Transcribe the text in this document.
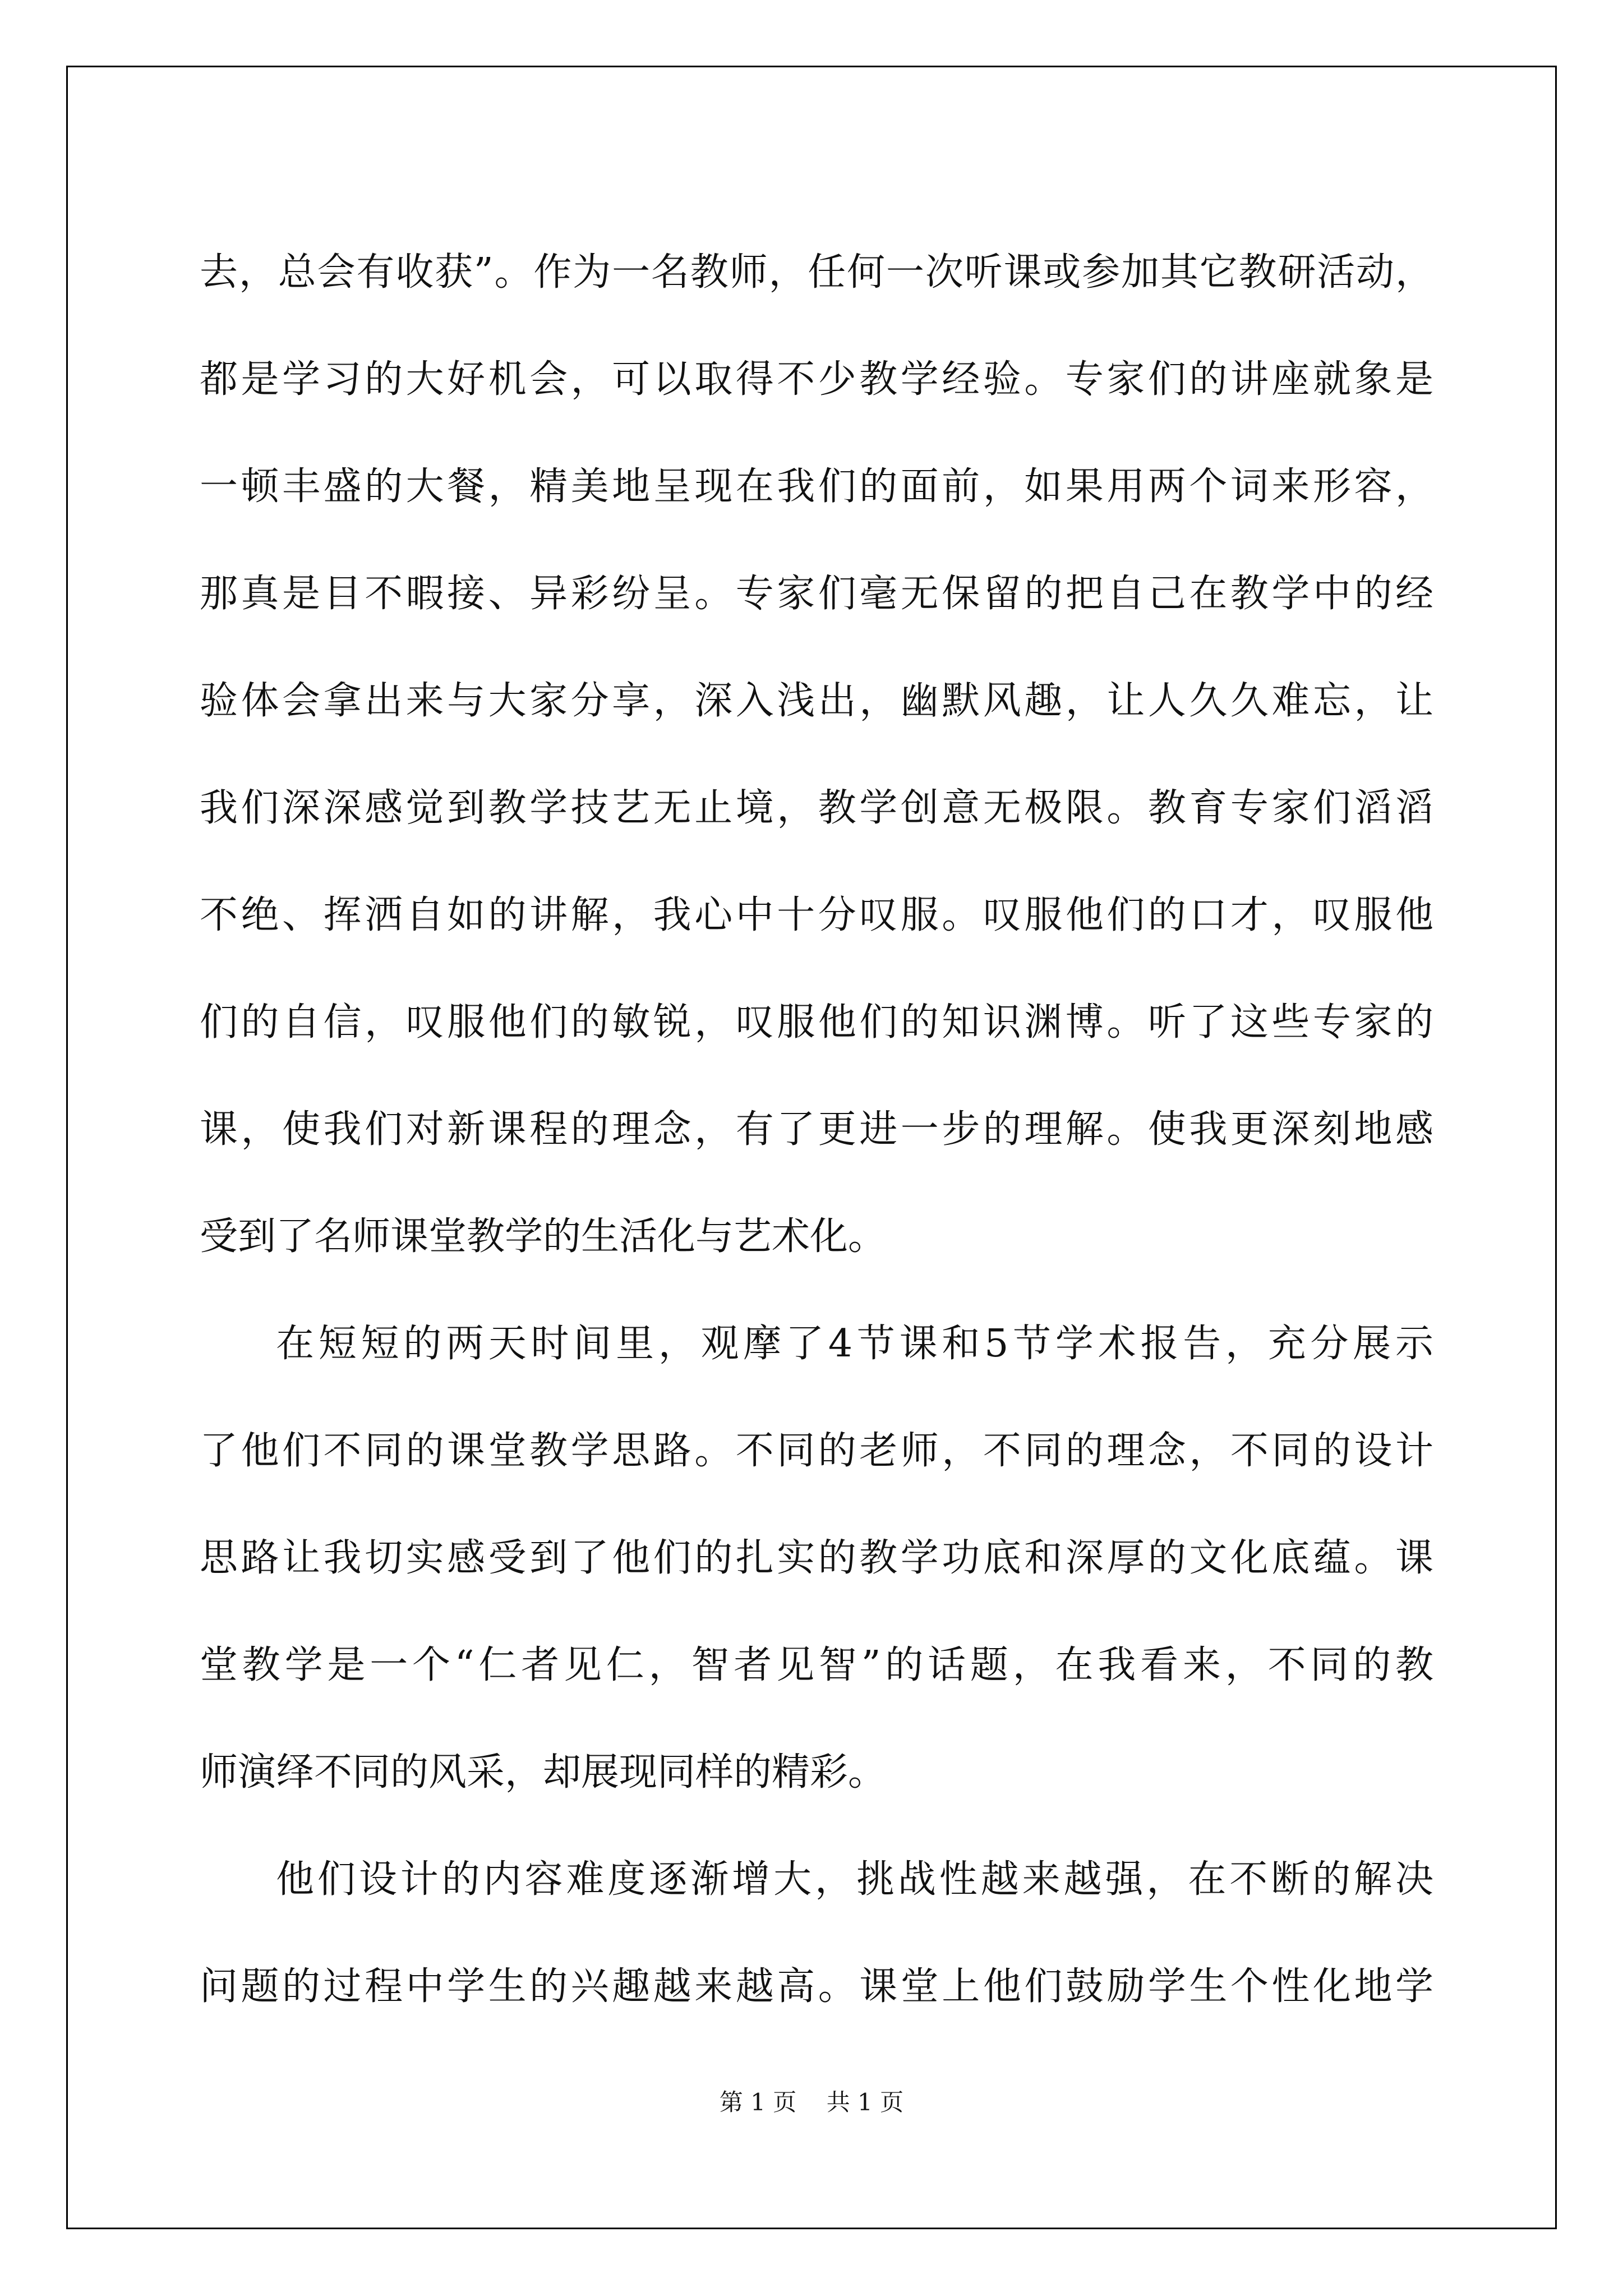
去，总会有收获”。作为一名教师，任何一次听课或参加其它教研活动，
都是学习的大好机会，可以取得不少教学经验。专家们的讲座就象是
一顿丰盛的大餐，精美地呈现在我们的面前，如果用两个词来形容，
那真是目不暇接、异彩纷呈。专家们毫无保留的把自己在教学中的经
验体会拿出来与大家分享，深入浅出，幽默风趣，让人久久难忘，让
我们深深感觉到教学技艺无止境，教学创意无极限。教育专家们滔滔
不绝、挥洒自如的讲解，我心中十分叹服。叹服他们的口才，叹服他
们的自信，叹服他们的敏锐，叹服他们的知识渊博。听了这些专家的
课，使我们对新课程的理念，有了更进一步的理解。使我更深刻地感
受到了名师课堂教学的生活化与艺术化。
在短短的两天时间里，观摩了4节课和5节学术报告，充分展示
了他们不同的课堂教学思路。不同的老师，不同的理念，不同的设计
思路让我切实感受到了他们的扎实的教学功底和深厚的文化底蕴。课
堂教学是一个“仁者见仁，智者见智”的话题，在我看来，不同的教
师演绎不同的风采，却展现同样的精彩。
他们设计的内容难度逐渐增大，挑战性越来越强，在不断的解决
问题的过程中学生的兴趣越来越高。课堂上他们鼓励学生个性化地学
第 1 页    共 1 页
